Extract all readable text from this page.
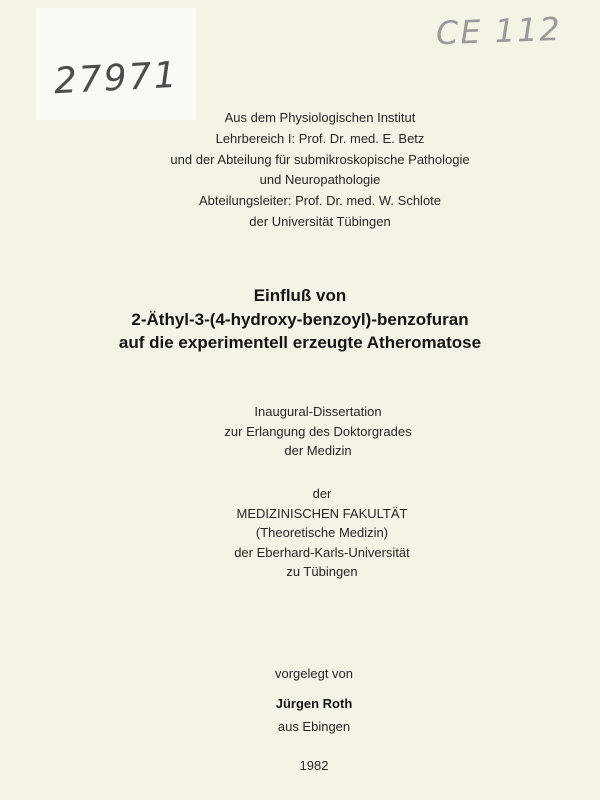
27971
CE 112
Aus dem Physiologischen Institut
Lehrbereich I: Prof. Dr. med. E. Betz
und der Abteilung für submikroskopische Pathologie
und Neuropathologie
Abteilungsleiter: Prof. Dr. med. W. Schlote
der Universität Tübingen
Einfluß von
2-Äthyl-3-(4-hydroxy-benzoyl)-benzofuran
auf die experimentell erzeugte Atheromatose
Inaugural-Dissertation
zur Erlangung des Doktorgrades
der Medizin
der
MEDIZINISCHEN FAKULTÄT
(Theoretische Medizin)
der Eberhard-Karls-Universität
zu Tübingen
vorgelegt von
Jürgen Roth
aus Ebingen
1982
